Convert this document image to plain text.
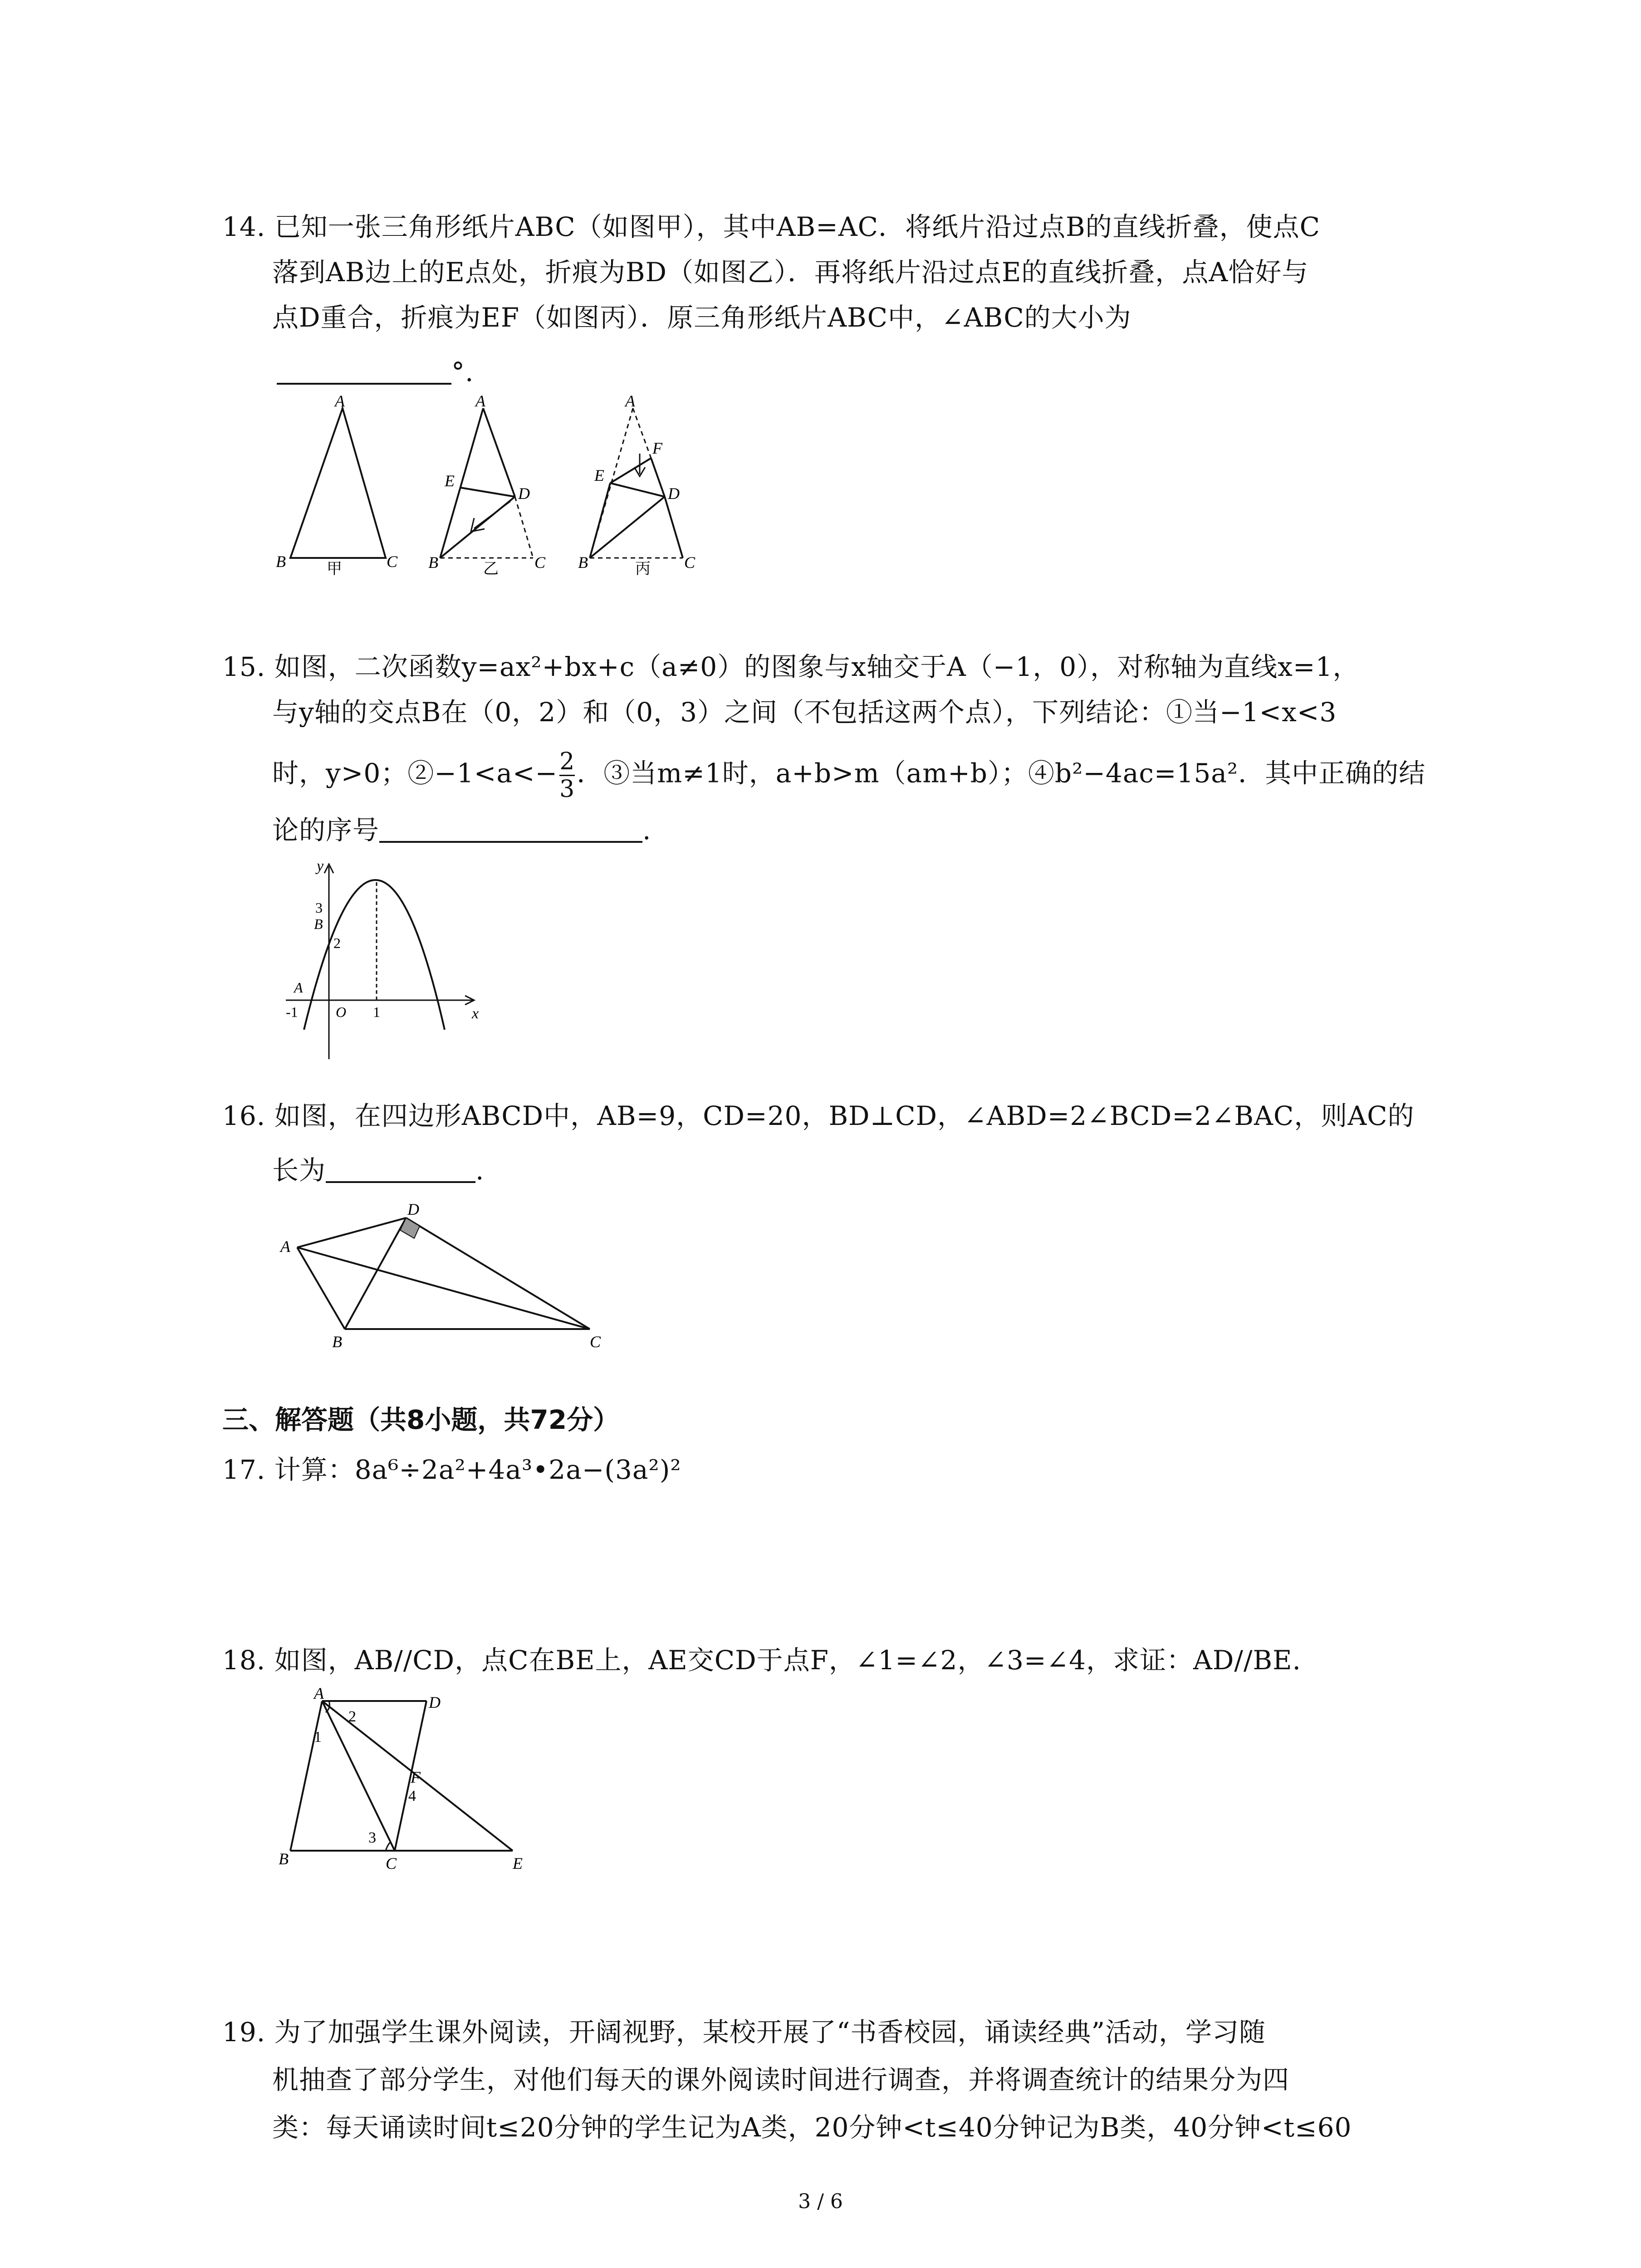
14. 已知一张三角形纸片ABC（如图甲），其中AB=AC．将纸片沿过点B的直线折叠，使点C
落到AB边上的E点处，折痕为BD（如图乙）．再将纸片沿过点E的直线折叠，点A恰好与
点D重合，折痕为EF（如图丙）．原三角形纸片ABC中，∠ABC的大小为
°.
A
B	C
甲
A
E
D
B	C
乙
A
F
E
D
B	C
丙
15. 如图，二次函数y=ax²+bx+c（a≠0）的图象与x轴交于A（−1，0），对称轴为直线x=1，
与y轴的交点B在（0，2）和（0，3）之间（不包括这两个点），下列结论：①当−1<x<3
时，y>0；②−1<a<− $\frac{2}{3}$ ．③当m≠1时，a+b>m（am+b）；④b²−4ac=15a²．其中正确的结
论的序号	.
y
x
3
B
2
A
-1	O 1
16. 如图，在四边形ABCD中，AB=9，CD=20，BD⊥CD，∠ABD=2∠BCD=2∠BAC，则AC的
长为	.
A
B	C
D
三、解答题（共8小题，共72分）
17. 计算：8a⁶÷2a²+4a³•2a−(3a²)²
18. 如图，AB//CD，点C在BE上，AE交CD于点F，∠1=∠2，∠3=∠4，求证：AD//BE.
A	D
1
2
F
4
B
3
C	E
19. 为了加强学生课外阅读，开阔视野，某校开展了“书香校园，诵读经典”活动，学习随
机抽查了部分学生，对他们每天的课外阅读时间进行调查，并将调查统计的结果分为四
类：每天诵读时间t≤20分钟的学生记为A类，20分钟<t≤40分钟记为B类，40分钟<t≤60
3 / 6
